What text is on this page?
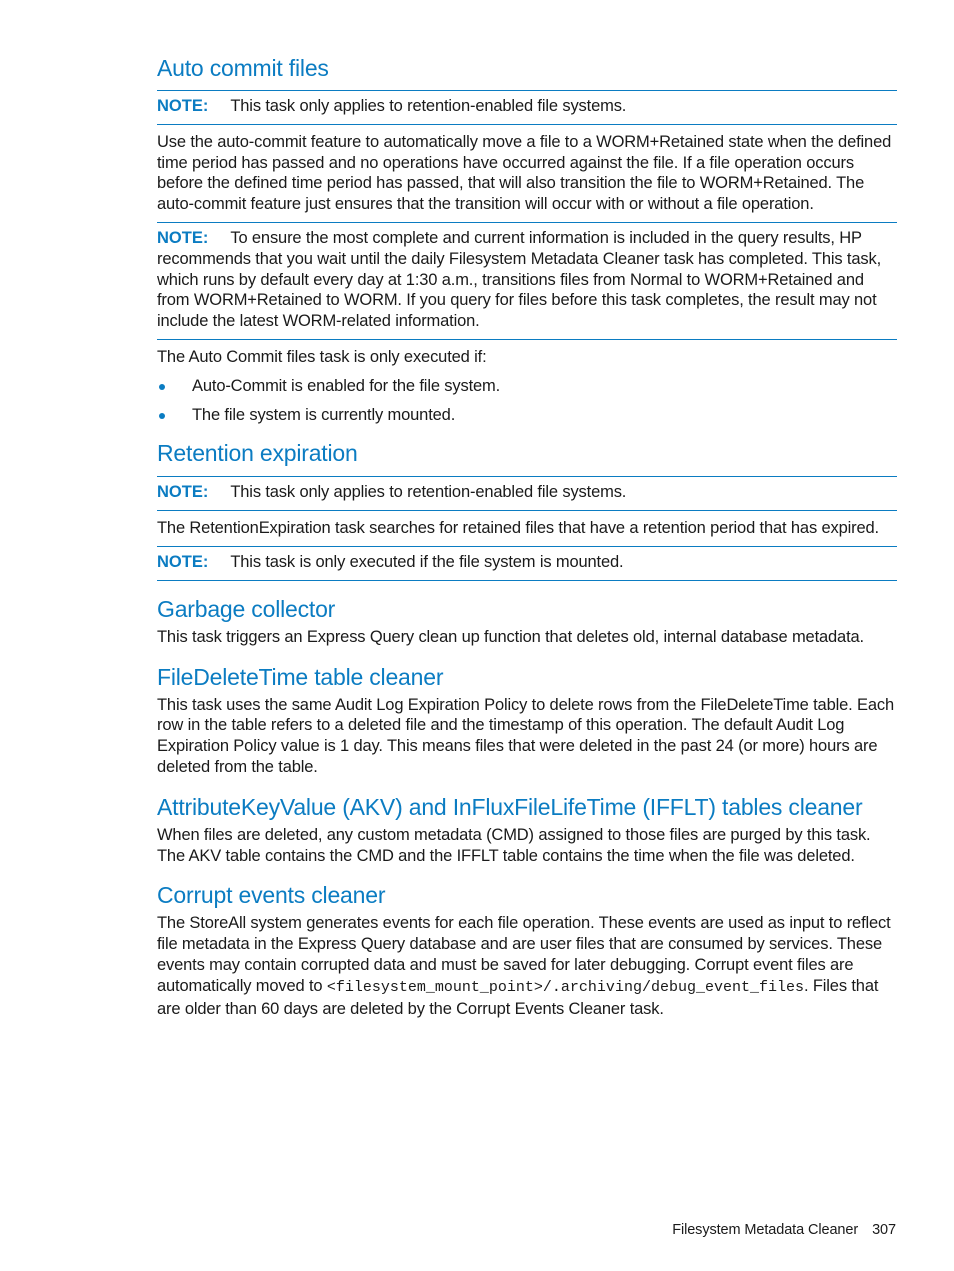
Auto commit files
NOTE: This task only applies to retention-enabled file systems.

Use the auto-commit feature to automatically move a file to a WORM+Retained state when the defined time period has passed and no operations have occurred against the file. If a file operation occurs before the defined time period has passed, that will also transition the file to WORM+Retained. The auto-commit feature just ensures that the transition will occur with or without a file operation.

NOTE: To ensure the most complete and current information is included in the query results, HP recommends that you wait until the daily Filesystem Metadata Cleaner task has completed. This task, which runs by default every day at 1:30 a.m., transitions files from Normal to WORM+Retained and from WORM+Retained to WORM. If you query for files before this task completes, the result may not include the latest WORM-related information.

The Auto Commit files task is only executed if:

Auto-Commit is enabled for the file system.
The file system is currently mounted.
Retention expiration
NOTE: This task only applies to retention-enabled file systems.

The RetentionExpiration task searches for retained files that have a retention period that has expired.

NOTE: This task is only executed if the file system is mounted.
Garbage collector

This task triggers an Express Query clean up function that deletes old, internal database metadata.

FileDeleteTime table cleaner

This task uses the same Audit Log Expiration Policy to delete rows from the FileDeleteTime table. Each row in the table refers to a deleted file and the timestamp of this operation. The default Audit Log Expiration Policy value is 1 day. This means files that were deleted in the past 24 (or more) hours are deleted from the table.

AttributeKeyValue (AKV) and InFluxFileLifeTime (IFFLT) tables cleaner

When files are deleted, any custom metadata (CMD) assigned to those files are purged by this task. The AKV table contains the CMD and the IFFLT table contains the time when the file was deleted.

Corrupt events cleaner

The StoreAll system generates events for each file operation. These events are used as input to reflect file metadata in the Express Query database and are user files that are consumed by services. These events may contain corrupted data and must be saved for later debugging. Corrupt event files are automatically moved to <filesystem_mount_point>/.archiving/debug_event_files. Files that are older than 60 days are deleted by the Corrupt Events Cleaner task.

Filesystem Metadata Cleaner 307
